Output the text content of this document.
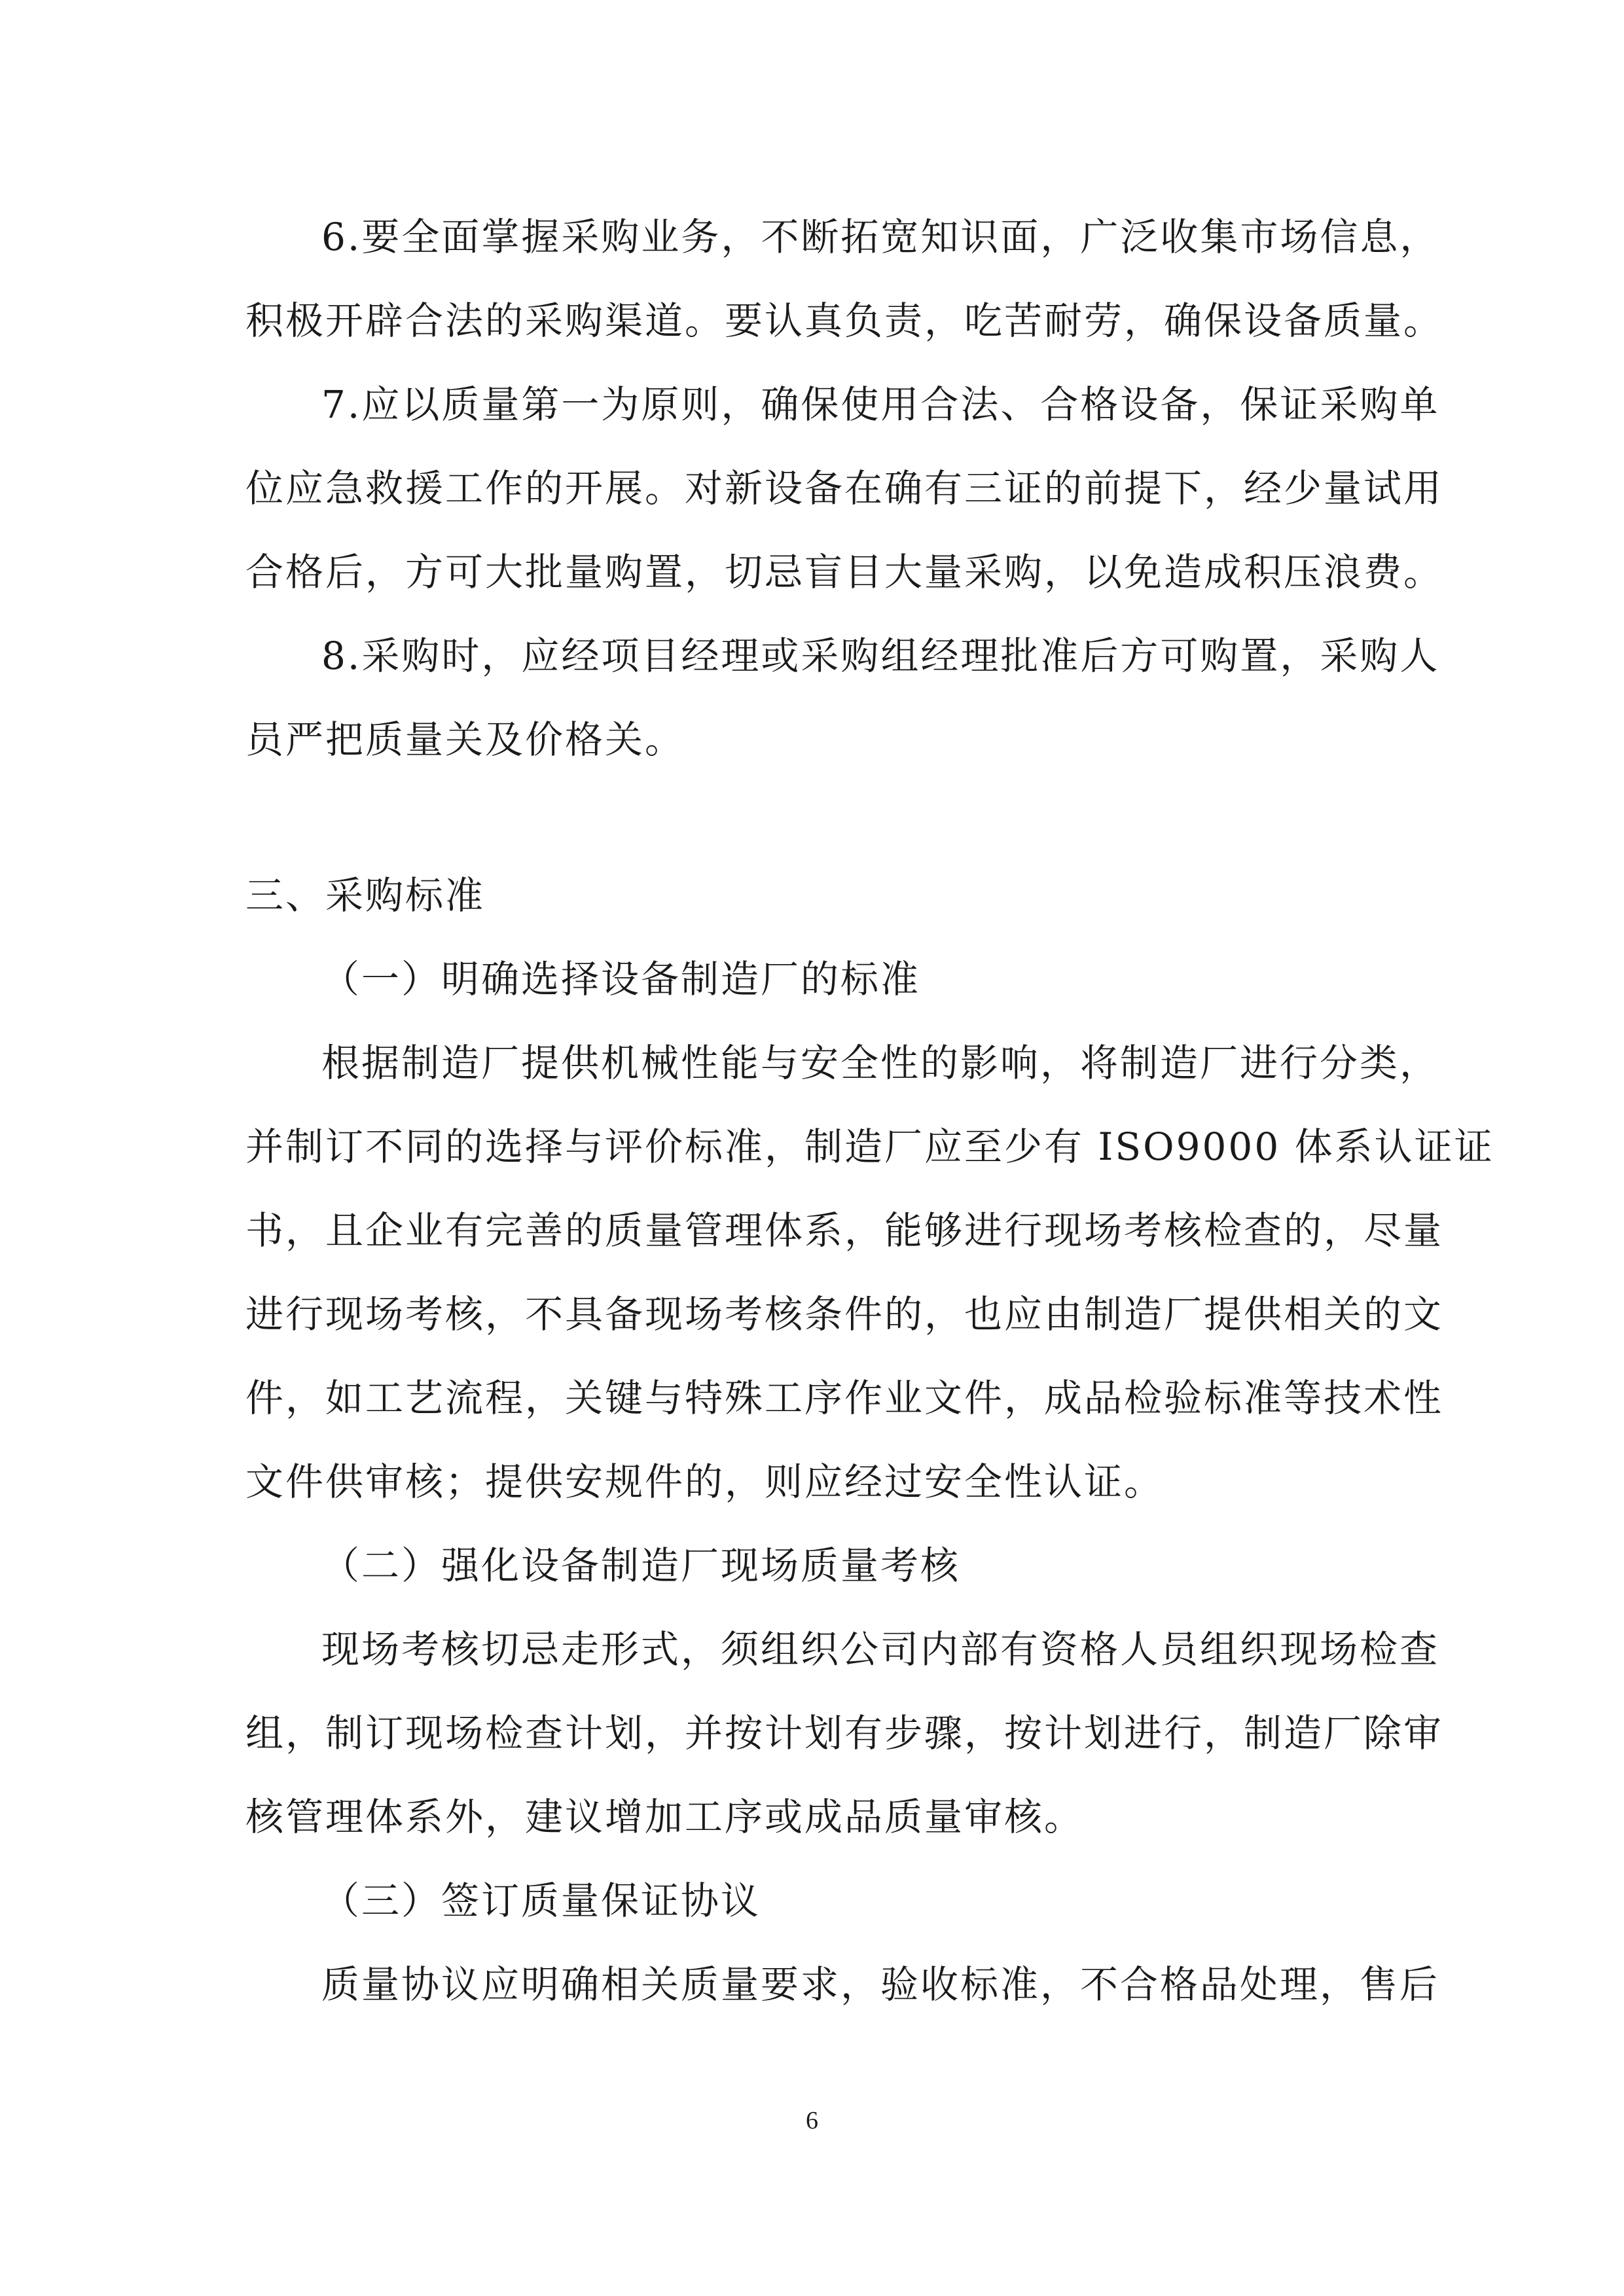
6.要全面掌握采购业务，不断拓宽知识面，广泛收集市场信息，
积极开辟合法的采购渠道。要认真负责，吃苦耐劳，确保设备质量。
7.应以质量第一为原则，确保使用合法、合格设备，保证采购单
位应急救援工作的开展。对新设备在确有三证的前提下，经少量试用
合格后，方可大批量购置，切忌盲目大量采购，以免造成积压浪费。
8.采购时，应经项目经理或采购组经理批准后方可购置，采购人
员严把质量关及价格关。
三、采购标准
（一）明确选择设备制造厂的标准
根据制造厂提供机械性能与安全性的影响，将制造厂进行分类，
并制订不同的选择与评价标准，制造厂应至少有 ISO9000 体系认证证
书，且企业有完善的质量管理体系，能够进行现场考核检查的，尽量
进行现场考核，不具备现场考核条件的，也应由制造厂提供相关的文
件，如工艺流程，关键与特殊工序作业文件，成品检验标准等技术性
文件供审核；提供安规件的，则应经过安全性认证。
（二）强化设备制造厂现场质量考核
现场考核切忌走形式，须组织公司内部有资格人员组织现场检查
组，制订现场检查计划，并按计划有步骤，按计划进行，制造厂除审
核管理体系外，建议增加工序或成品质量审核。
（三）签订质量保证协议
质量协议应明确相关质量要求，验收标准，不合格品处理，售后
6
